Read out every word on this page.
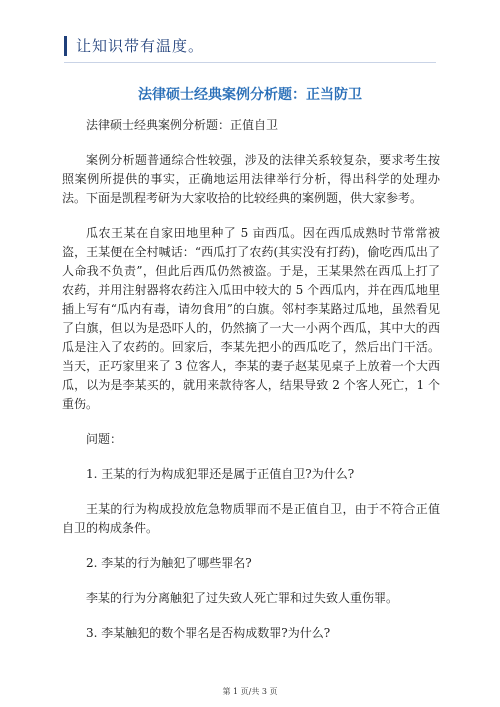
让知识带有温度。
法律硕士经典案例分析题：正当防卫

法律硕士经典案例分析题：正值自卫

案例分析题普通综合性较强，涉及的法律关系较复杂，要求考生按照案例所提供的事实，正确地运用法律举行分析，得出科学的处理办法。下面是凯程考研为大家收拾的比较经典的案例题，供大家参考。

瓜农王某在自家田地里种了 5 亩西瓜。因在西瓜成熟时节常常被盗，王某便在全村喊话：“西瓜打了农药(其实没有打药)，偷吃西瓜出了人命我不负责”，但此后西瓜仍然被盗。于是，王某果然在西瓜上打了农药，并用注射器将农药注入瓜田中较大的 5 个西瓜内，并在西瓜地里插上写有“瓜内有毒，请勿食用”的白旗。邻村李某路过瓜地，虽然看见了白旗，但以为是恐吓人的，仍然摘了一大一小两个西瓜，其中大的西瓜是注入了农药的。回家后，李某先把小的西瓜吃了，然后出门干活。当天，正巧家里来了 3 位客人，李某的妻子赵某见桌子上放着一个大西瓜，以为是李某买的，就用来款待客人，结果导致 2 个客人死亡，1 个重伤。

问题：

1. 王某的行为构成犯罪还是属于正值自卫?为什么?

王某的行为构成投放危急物质罪而不是正值自卫，由于不符合正值自卫的构成条件。

2. 李某的行为触犯了哪些罪名?

李某的行为分离触犯了过失致人死亡罪和过失致人重伤罪。

3. 李某触犯的数个罪名是否构成数罪?为什么?

第 1 页/共 3 页
